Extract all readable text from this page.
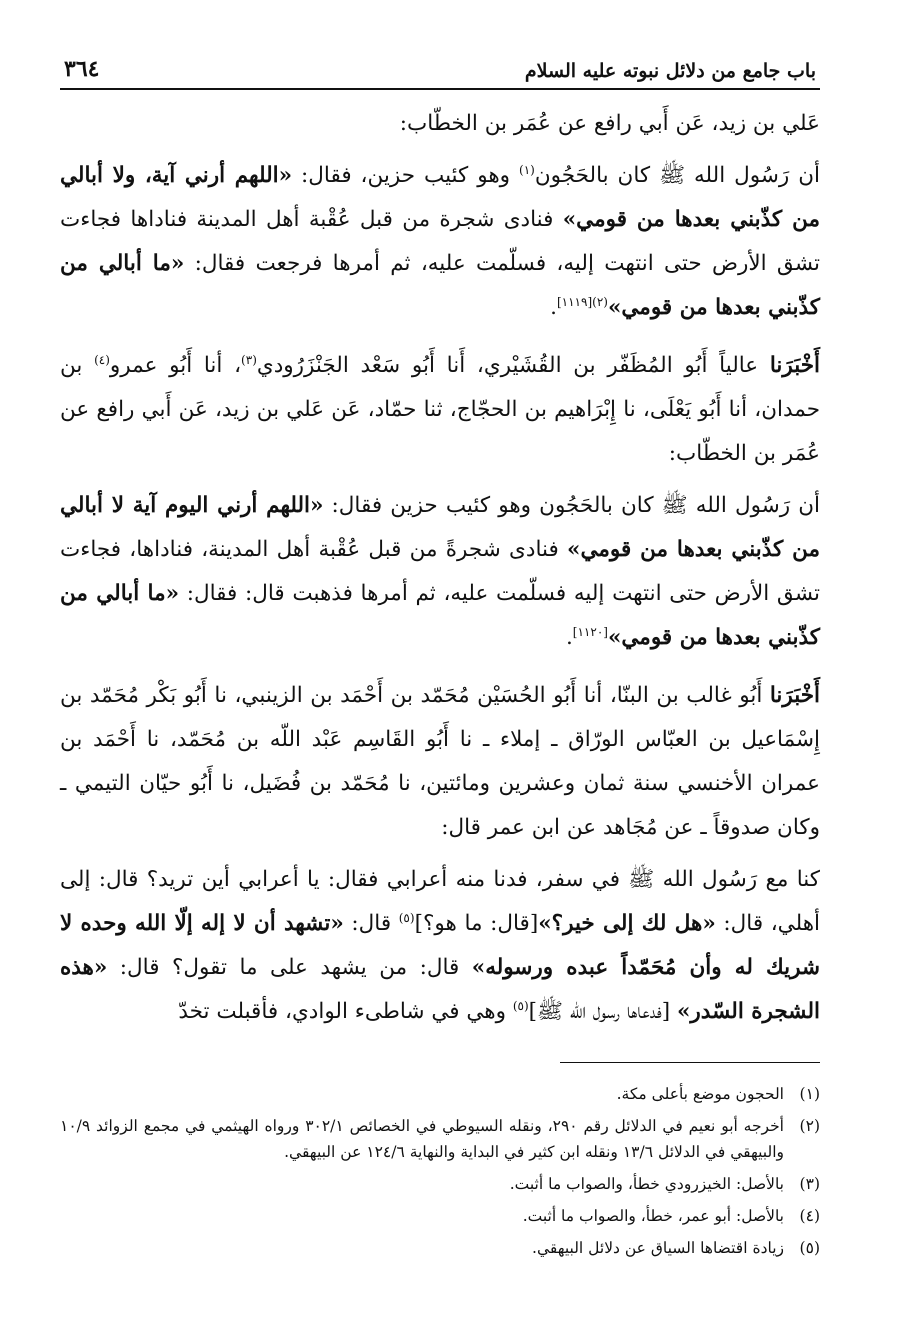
باب جامع من دلائل نبوته عليه السلام
٣٦٤

عَلي بن زيد، عَن أَبي رافع عن عُمَر بن الخطّاب:

أن رَسُول الله ﷺ كان بالحَجُون$^{(١)}$ وهو كئيب حزين، فقال: «اللهم أرني آية، ولا أبالي من كذّبني بعدها من قومي» فنادى شجرة من قبل عُقْبة أهل المدينة فناداها فجاءت تشق الأرض حتى انتهت إليه، فسلّمت عليه، ثم أمرها فرجعت فقال: «ما أبالي من كذّبني بعدها من قومي»$^{(٢)[١١١٩]}$.

أَخْبَرَنا عالياً أَبُو المُظَفّر بن القُشَيْري، أَنا أَبُو سَعْد الجَنْزَرُودي$^{(٣)}$، أنا أَبُو عمرو$^{(٤)}$ بن حمدان، أنا أَبُو يَعْلَى، نا إِبْرَاهيم بن الحجّاج، ثنا حمّاد، عَن عَلي بن زيد، عَن أَبي رافع عن عُمَر بن الخطّاب:

أن رَسُول الله ﷺ كان بالحَجُون وهو كئيب حزين فقال: «اللهم أرني اليوم آية لا أبالي من كذّبني بعدها من قومي» فنادى شجرةً من قبل عُقْبة أهل المدينة، فناداها، فجاءت تشق الأرض حتى انتهت إليه فسلّمت عليه، ثم أمرها فذهبت قال: فقال: «ما أبالي من كذّبني بعدها من قومي»[١١٢٠].

أَخْبَرَنا أَبُو غالب بن البنّا، أنا أَبُو الحُسَيْن مُحَمّد بن أَحْمَد بن الزينبي، نا أَبُو بَكْر مُحَمّد بن إِسْمَاعيل بن العبّاس الورّاق ـ إملاء ـ نا أَبُو القَاسِم عَبْد اللّه بن مُحَمّد، نا أَحْمَد بن عمران الأخنسي سنة ثمان وعشرين ومائتين، نا مُحَمّد بن فُضَيل، نا أَبُو حيّان التيمي ـ وكان صدوقاً ـ عن مُجَاهد عن ابن عمر قال:

كنا مع رَسُول الله ﷺ في سفر، فدنا منه أعرابي فقال: يا أعرابي أين تريد؟ قال: إلى أهلي، قال: «هل لك إلى خير؟»[قال: ما هو؟]$^{(٥)}$ قال: «تشهد أن لا إله إلّا الله وحده لا شريك له وأن مُحَمّداً عبده ورسوله» قال: من يشهد على ما تقول؟ قال: «هذه الشجرة السّدر» [فدعاها رسول الله ﷺ]$^{(٥)}$ وهي في شاطىء الوادي، فأقبلت تخدّ

(١)
الحجون موضع بأعلى مكة.
(٢)
أخرجه أبو نعيم في الدلائل رقم ٢٩٠، ونقله السيوطي في الخصائص ٣٠٢/١ ورواه الهيثمي في مجمع الزوائد ١٠/٩ والبيهقي في الدلائل ١٣/٦ ونقله ابن كثير في البداية والنهاية ١٢٤/٦ عن البيهقي.
(٣)
بالأصل: الخيزرودي خطأ، والصواب ما أثبت.
(٤)
بالأصل: أبو عمر، خطأ، والصواب ما أثبت.
(٥)
زيادة اقتضاها السياق عن دلائل البيهقي.
